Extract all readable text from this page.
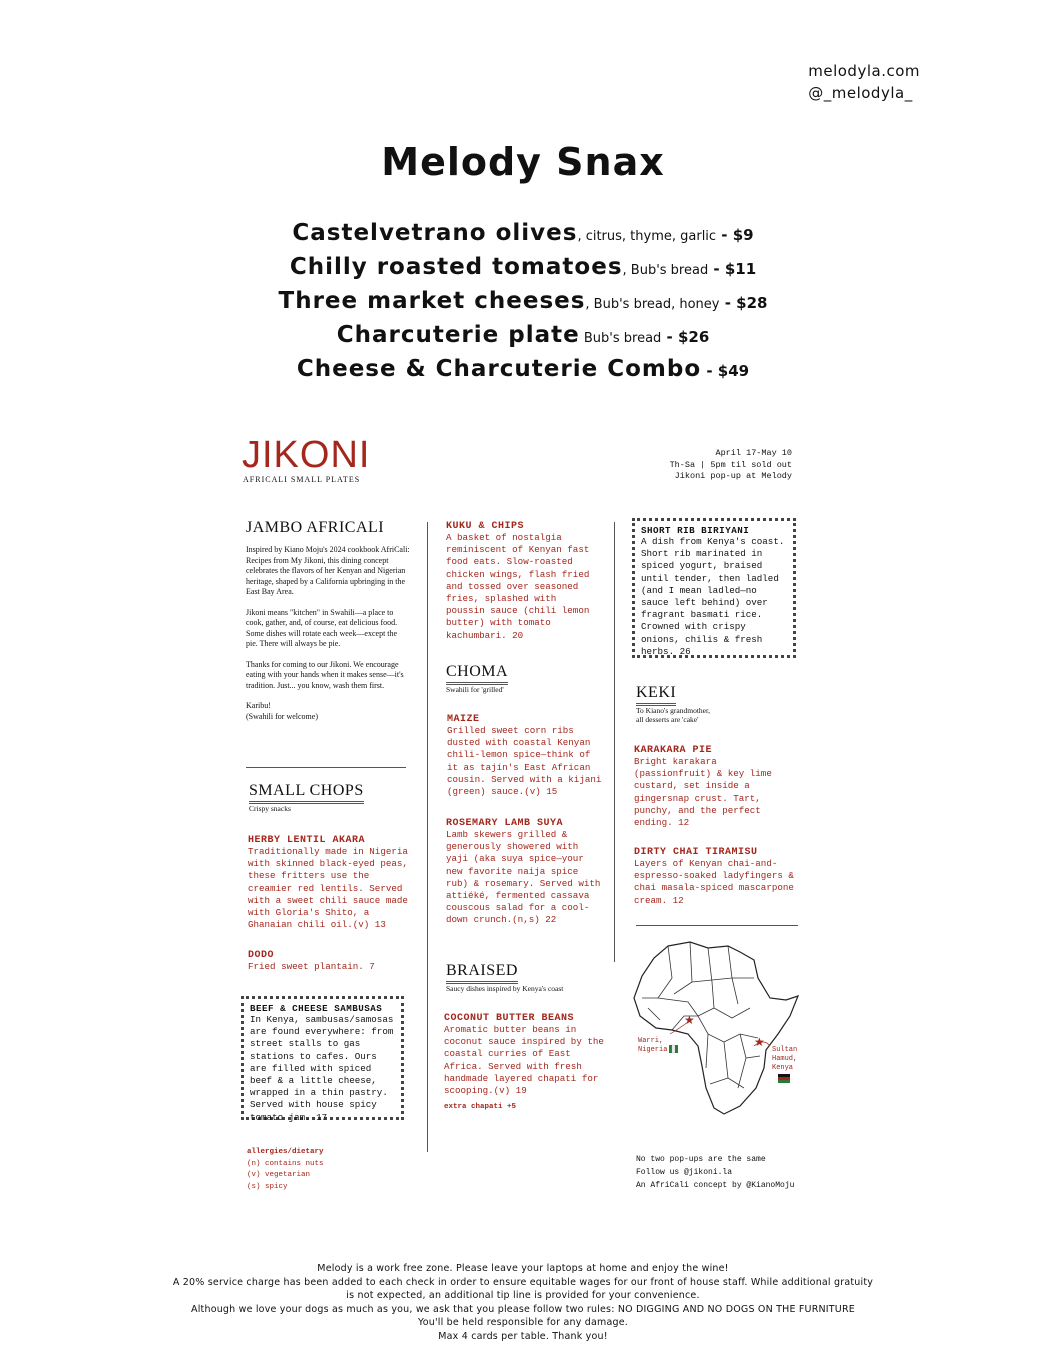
melodyla.com
@_melodyla_
Melody Snax
Castelvetrano olives, citrus, thyme, garlic - $9
Chilly roasted tomatoes, Bub's bread - $11
Three market cheeses, Bub's bread, honey - $28
Charcuterie plate Bub's bread - $26
Cheese & Charcuterie Combo - $49
JIKONI
AFRICALI SMALL PLATES
April 17-May 10
Th-Sa | 5pm til sold out
Jikoni pop-up at Melody
JAMBO AFRICALI
Inspired by Kiano Moju's 2024 cookbook AfriCali: Recipes from My Jikoni, this dining concept celebrates the flavors of her Kenyan and Nigerian heritage, shaped by a California upbringing in the East Bay Area.
Jikoni means "kitchen" in Swahili—a place to cook, gather, and, of course, eat delicious food. Some dishes will rotate each week—except the pie. There will always be pie.
Thanks for coming to our Jikoni. We encourage eating with your hands when it makes sense—it's tradition. Just... you know, wash them first.
Karibu!
(Swahili for welcome)
SMALL CHOPS
Crispy snacks
HERBY LENTIL AKARA
Traditionally made in Nigeria with skinned black-eyed peas, these fritters use the creamier red lentils. Served with a sweet chili sauce made with Gloria's Shito, a Ghanaian chili oil.(v) 13
DODO
Fried sweet plantain. 7
BEEF & CHEESE SAMBUSAS
In Kenya, sambusas/samosas are found everywhere: from street stalls to gas stations to cafes. Ours are filled with spiced beef & a little cheese, wrapped in a thin pastry. Served with house spicy tomato jam. 17
allergies/dietary
(n) contains nuts
(v) vegetarian
(s) spicy
KUKU & CHIPS
A basket of nostalgia reminiscent of Kenyan fast food eats. Slow-roasted chicken wings, flash fried and tossed over seasoned fries, splashed with poussin sauce (chili lemon butter) with tomato kachumbari. 20
CHOMA
Swahili for 'grilled'
MAIZE
Grilled sweet corn ribs dusted with coastal Kenyan chili-lemon spice—think of it as tajín's East African cousin. Served with a kijani (green) sauce.(v) 15
ROSEMARY LAMB SUYA
Lamb skewers grilled & generously showered with yaji (aka suya spice—your new favorite naija spice rub) & rosemary. Served with attiéké, fermented cassava couscous salad for a cool-down crunch.(n,s) 22
BRAISED
Saucy dishes inspired by Kenya's coast
COCONUT BUTTER BEANS
Aromatic butter beans in coconut sauce inspired by the coastal curries of East Africa. Served with fresh handmade layered chapati for scooping.(v) 19
extra chapati +5
SHORT RIB BIRIYANI
A dish from Kenya's coast. Short rib marinated in spiced yogurt, braised until tender, then ladled (and I mean ladled—no sauce left behind) over fragrant basmati rice. Crowned with crispy onions, chilis & fresh herbs. 26
KEKI
To Kiano's grandmother,
all desserts are 'cake'
KARAKARA PIE
Bright karakara (passionfruit) & key lime custard, set inside a gingersnap crust. Tart, punchy, and the perfect ending. 12
DIRTY CHAI TIRAMISU
Layers of Kenyan chai-and-espresso-soaked ladyfingers & chai masala-spiced mascarpone cream. 12
★
★
Warri,
Nigeria	Sultan
Hamud,
Kenya
No two pop-ups are the same
Follow us @jikoni.la
An AfriCali concept by @KianoMoju
Melody is a work free zone. Please leave your laptops at home and enjoy the wine!
A 20% service charge has been added to each check in order to ensure equitable wages for our front of house staff. While additional gratuity
is not expected, an additional tip line is provided for your convenience.
Although we love your dogs as much as you, we ask that you please follow two rules: NO DIGGING AND NO DOGS ON THE FURNITURE
You'll be held responsible for any damage.
Max 4 cards per table. Thank you!
